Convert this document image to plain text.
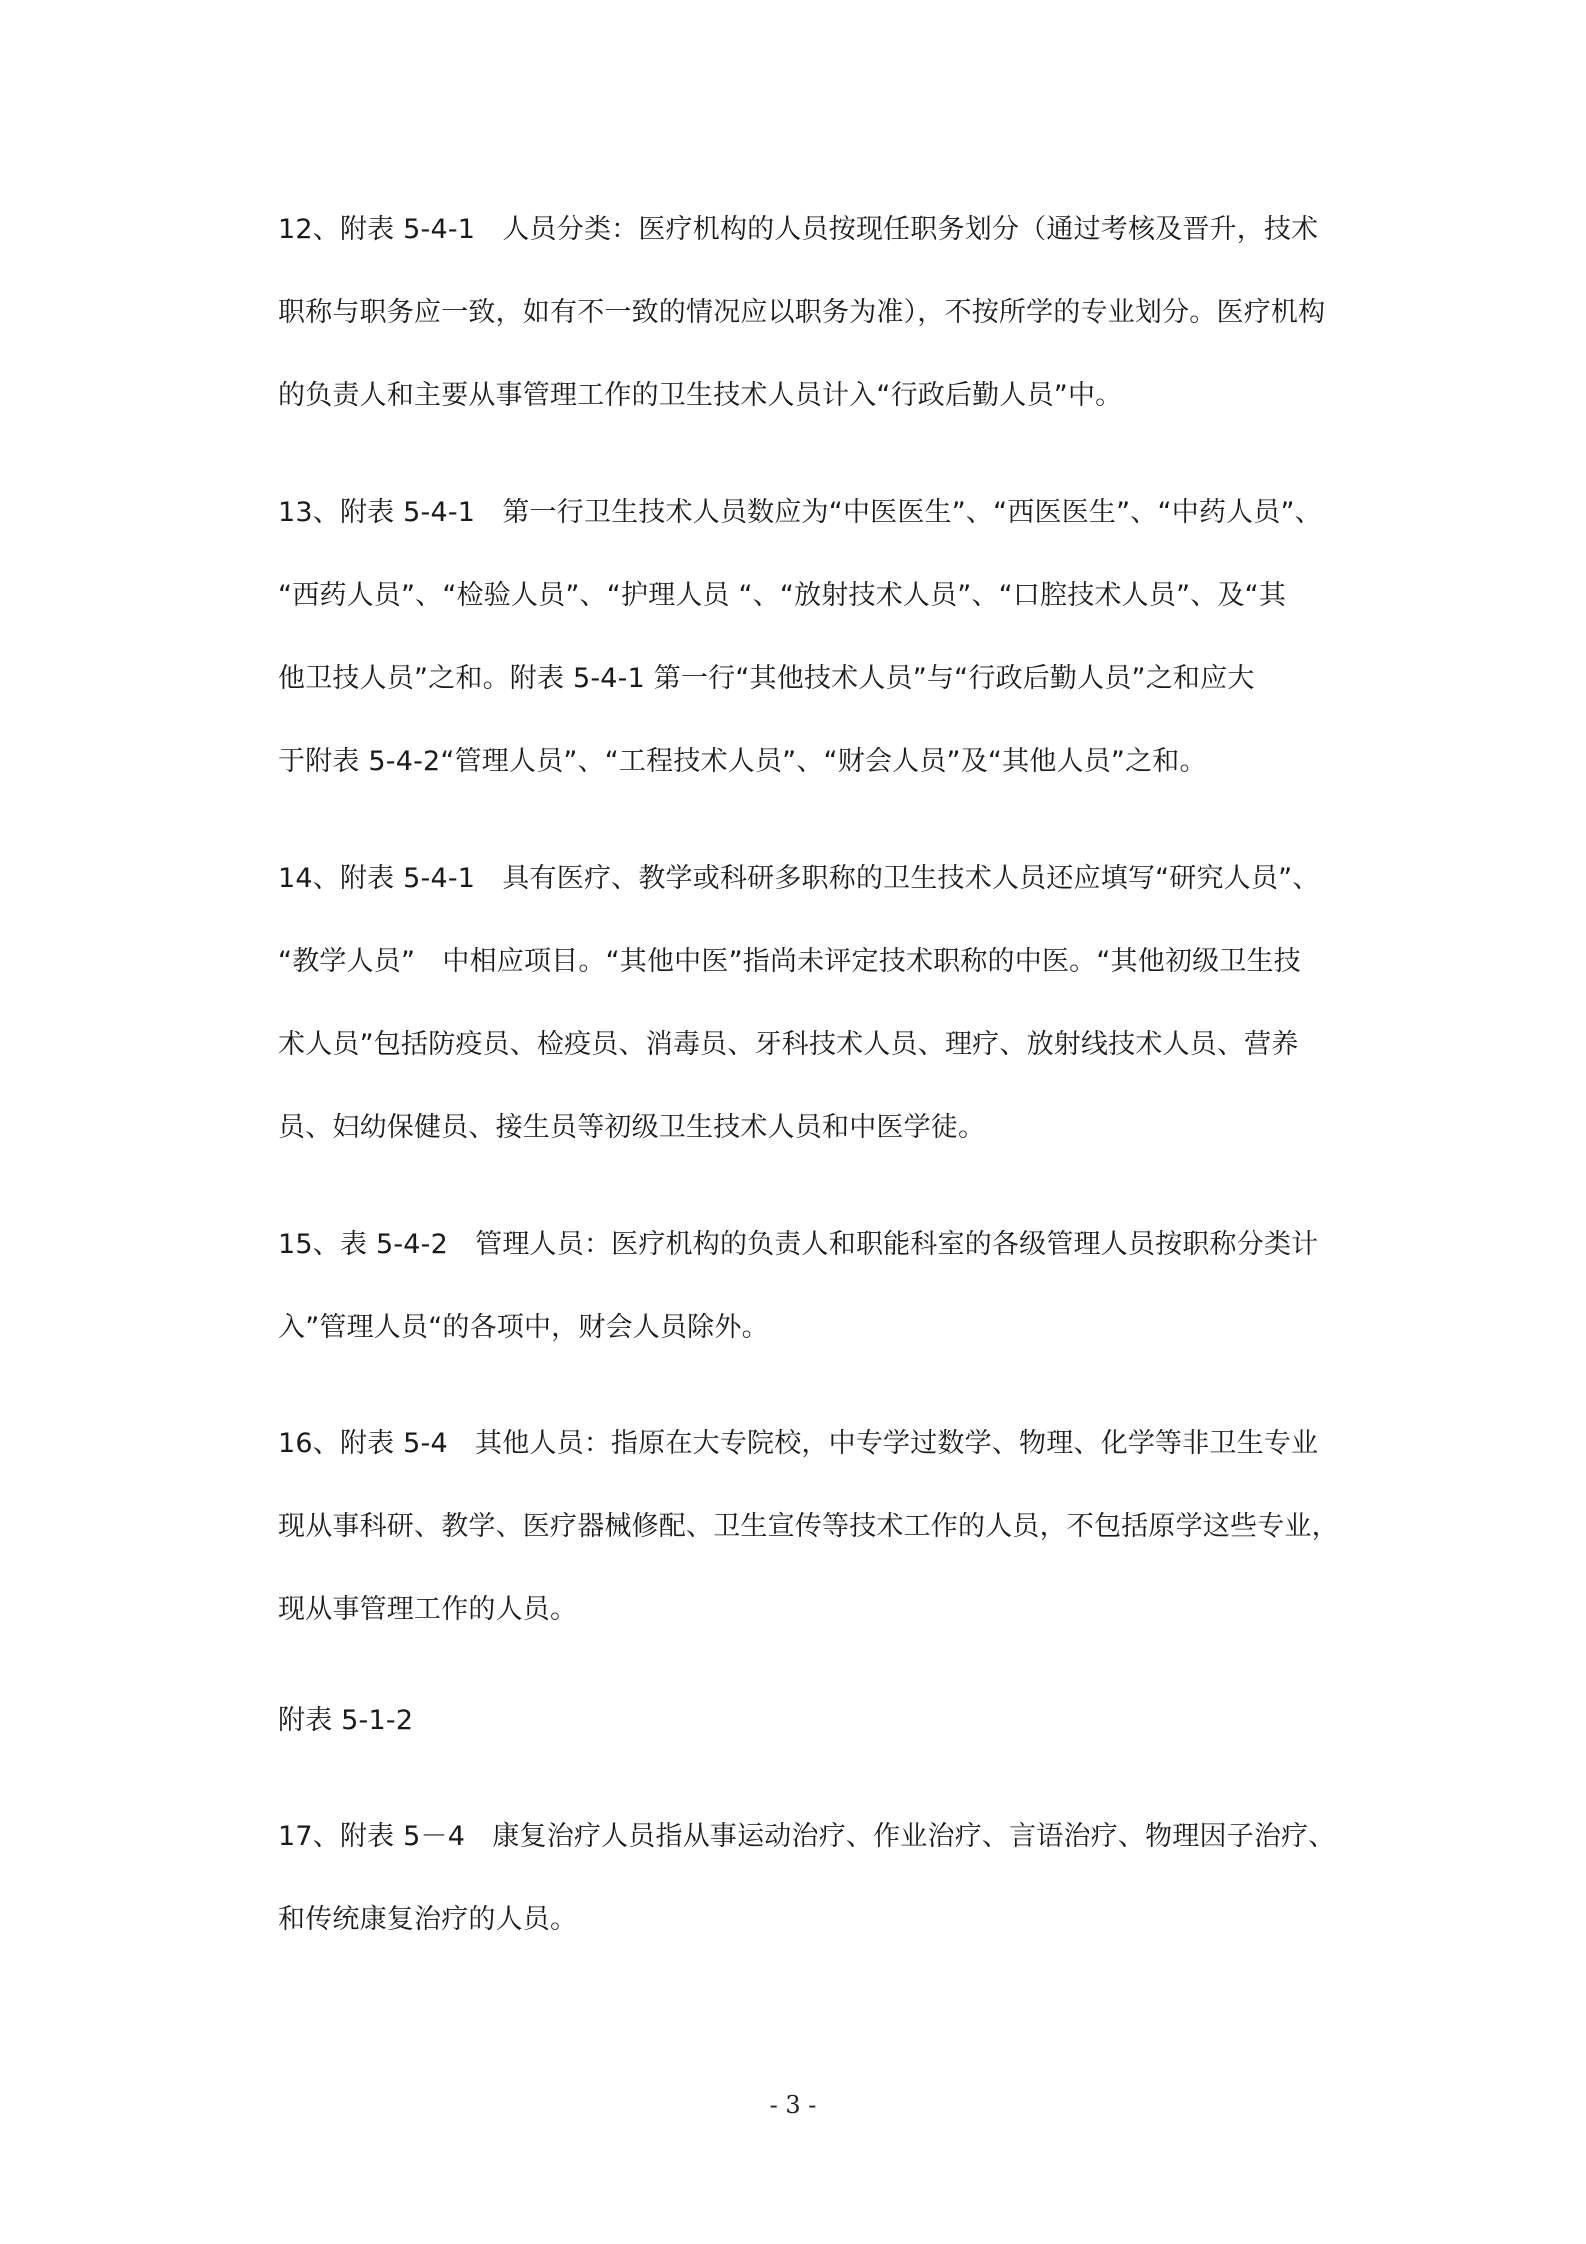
12、附表 5-4-1　人员分类：医疗机构的人员按现任职务划分（通过考核及晋升，技术
职称与职务应一致，如有不一致的情况应以职务为准），不按所学的专业划分。医疗机构
的负责人和主要从事管理工作的卫生技术人员计入“行政后勤人员”中。
13、附表 5-4-1　第一行卫生技术人员数应为“中医医生”、“西医医生”、“中药人员”、
“西药人员”、“检验人员”、“护理人员 “、“放射技术人员”、“口腔技术人员”、及“其
他卫技人员”之和。附表 5-4-1 第一行“其他技术人员”与“行政后勤人员”之和应大
于附表 5-4-2“管理人员”、“工程技术人员”、“财会人员”及“其他人员”之和。
14、附表 5-4-1　具有医疗、教学或科研多职称的卫生技术人员还应填写“研究人员”、
“教学人员”　中相应项目。“其他中医”指尚未评定技术职称的中医。“其他初级卫生技
术人员”包括防疫员、检疫员、消毒员、牙科技术人员、理疗、放射线技术人员、营养
员、妇幼保健员、接生员等初级卫生技术人员和中医学徒。
15、表 5-4-2　管理人员：医疗机构的负责人和职能科室的各级管理人员按职称分类计
入”管理人员“的各项中，财会人员除外。
16、附表 5-4　其他人员：指原在大专院校，中专学过数学、物理、化学等非卫生专业
现从事科研、教学、医疗器械修配、卫生宣传等技术工作的人员，不包括原学这些专业，
现从事管理工作的人员。
附表 5-1-2
17、附表 5－4　康复治疗人员指从事运动治疗、作业治疗、言语治疗、物理因子治疗、
和传统康复治疗的人员。
- 3 -
